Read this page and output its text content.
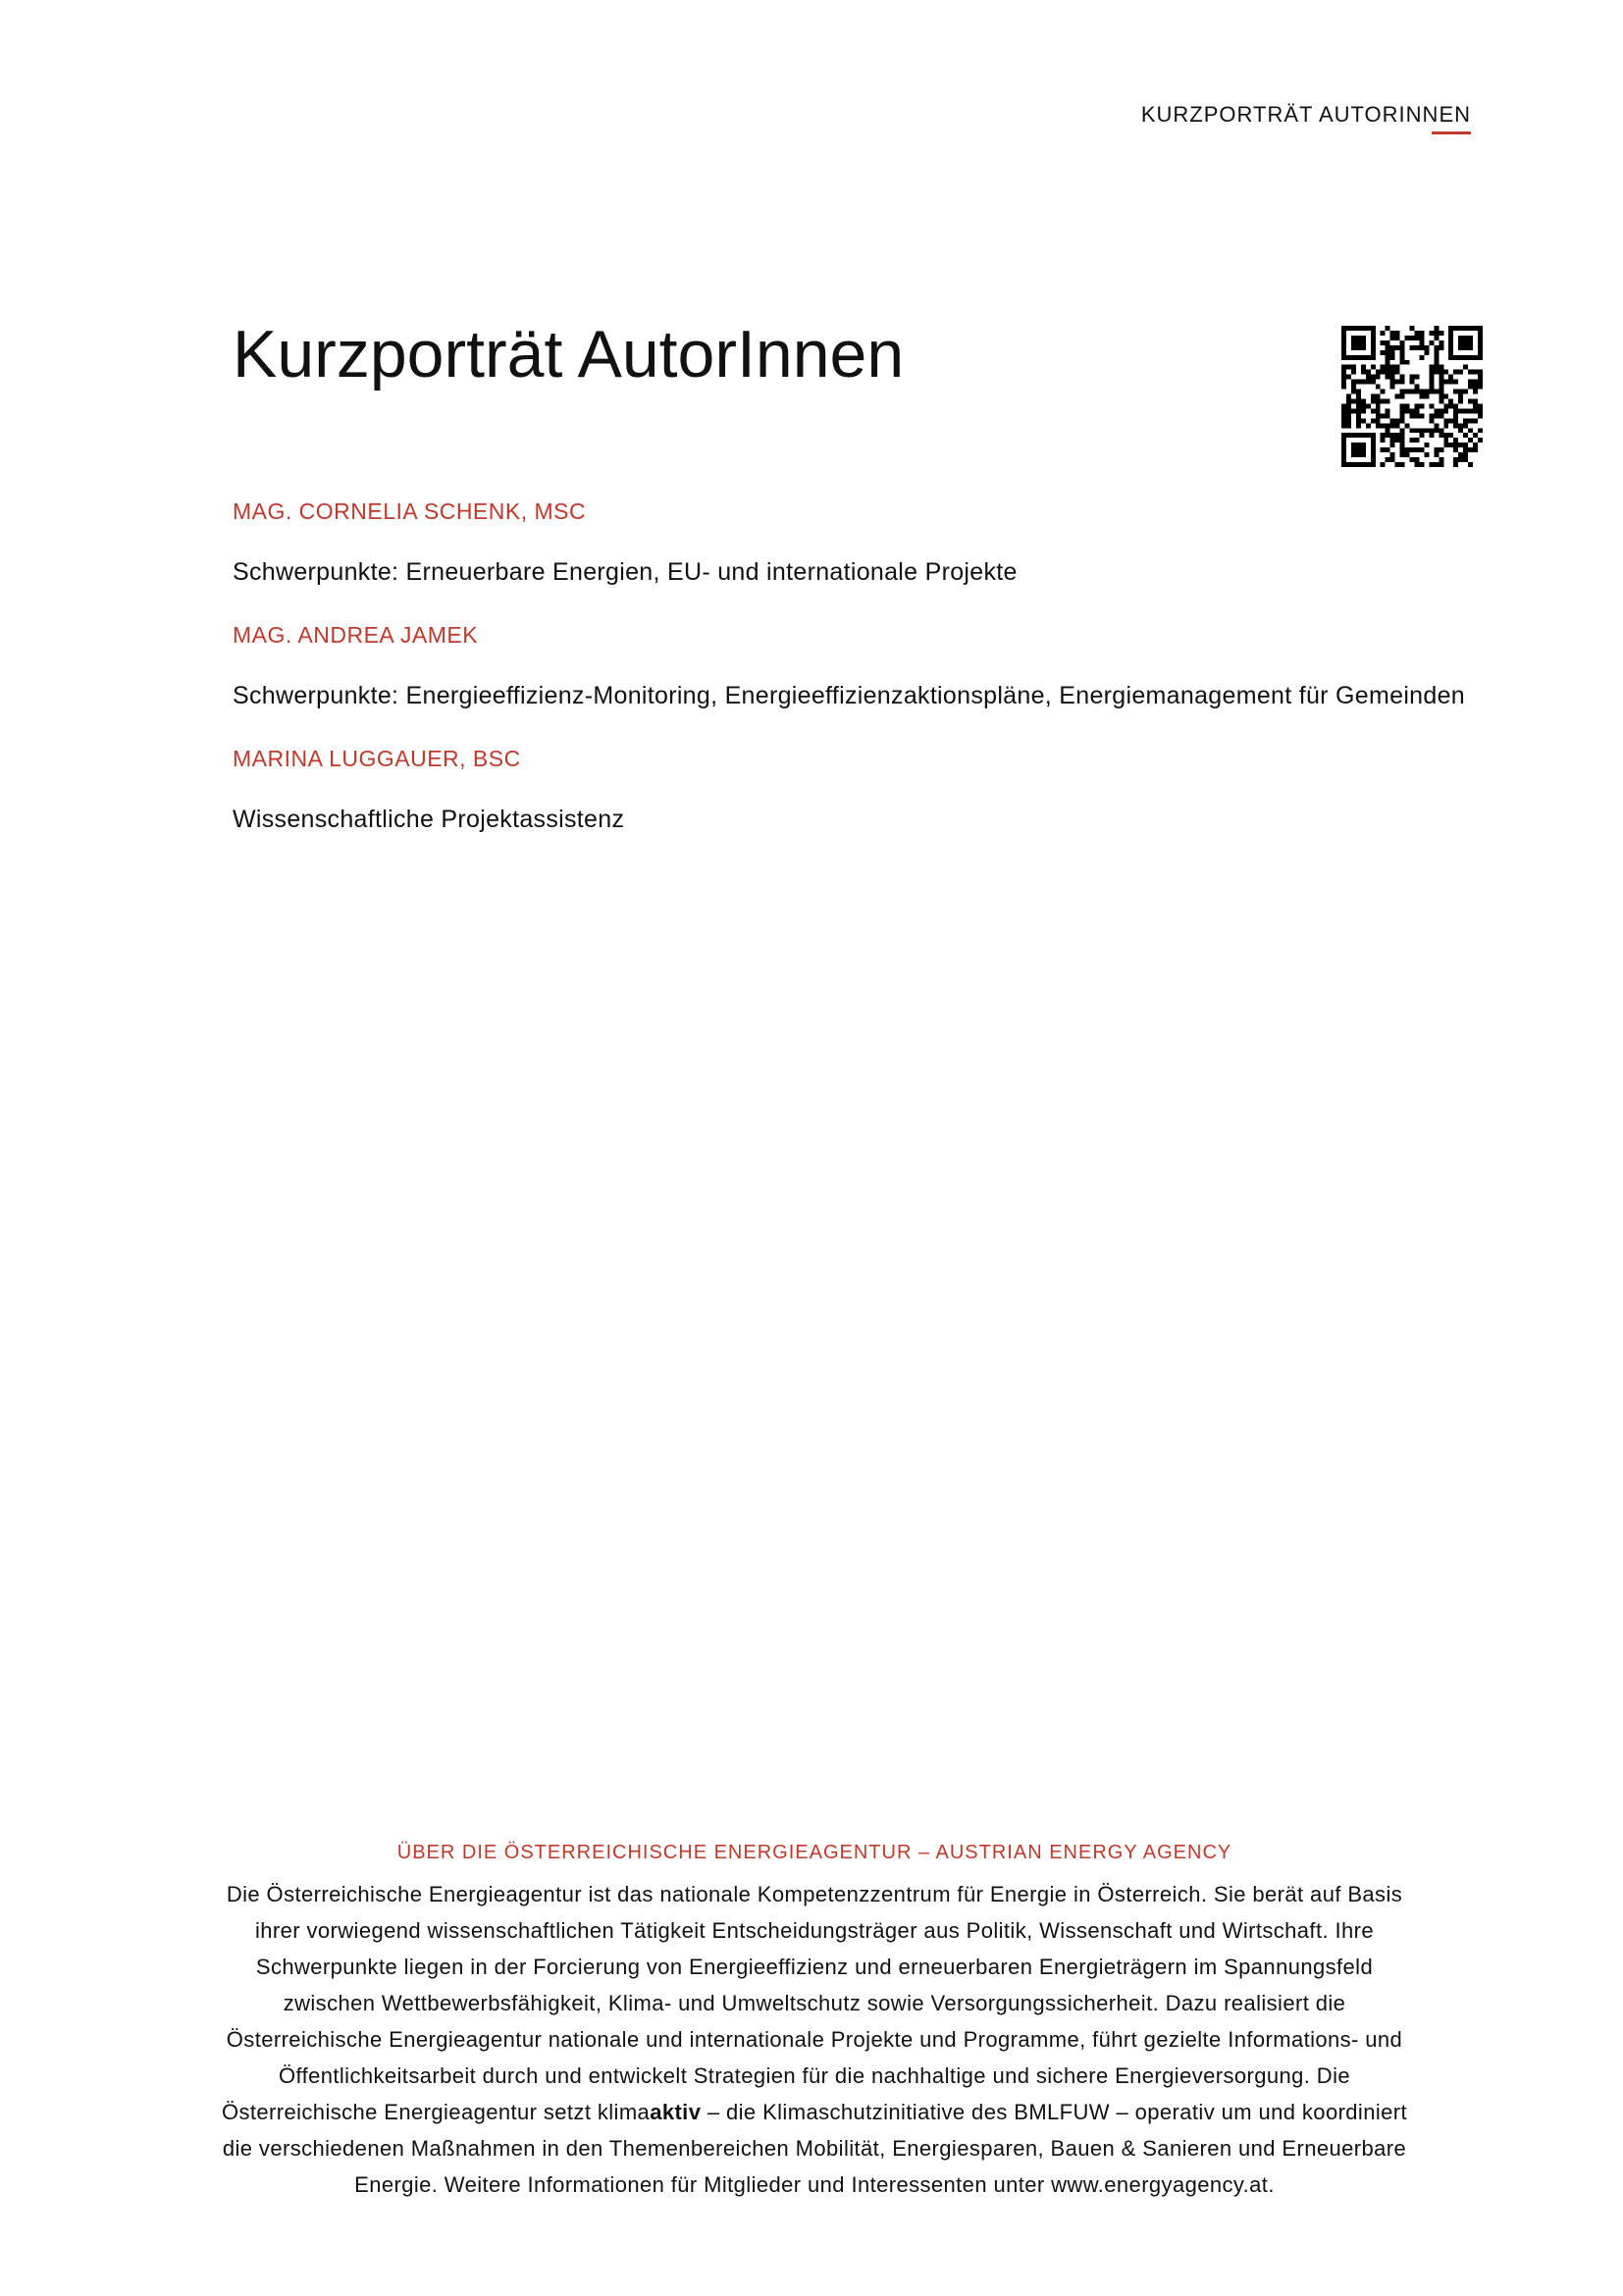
KURZPORTRÄT AUTORINNEN
Kurzporträt AutorInnen

MAG. CORNELIA SCHENK, MSC

Schwerpunkte: Erneuerbare Energien, EU- und internationale Projekte

MAG. ANDREA JAMEK

Schwerpunkte: Energieeffizienz-Monitoring, Energieeffizienzaktionspläne, Energiemanagement für Gemeinden

MARINA LUGGAUER, BSC

Wissenschaftliche Projektassistenz

ÜBER DIE ÖSTERREICHISCHE ENERGIEAGENTUR – AUSTRIAN ENERGY AGENCY

Die Österreichische Energieagentur ist das nationale Kompetenzzentrum für Energie in Österreich. Sie berät auf Basis
ihrer vorwiegend wissenschaftlichen Tätigkeit Entscheidungsträger aus Politik, Wissenschaft und Wirtschaft. Ihre
Schwerpunkte liegen in der Forcierung von Energieeffizienz und erneuerbaren Energieträgern im Spannungsfeld
zwischen Wettbewerbsfähigkeit, Klima- und Umweltschutz sowie Versorgungssicherheit. Dazu realisiert die
Österreichische Energieagentur nationale und internationale Projekte und Programme, führt gezielte Informations- und
Öffentlichkeitsarbeit durch und entwickelt Strategien für die nachhaltige und sichere Energieversorgung. Die
Österreichische Energieagentur setzt klimaaktiv – die Klimaschutzinitiative des BMLFUW – operativ um und koordiniert
die verschiedenen Maßnahmen in den Themenbereichen Mobilität, Energiesparen, Bauen & Sanieren und Erneuerbare
Energie. Weitere Informationen für Mitglieder und Interessenten unter www.energyagency.at.
